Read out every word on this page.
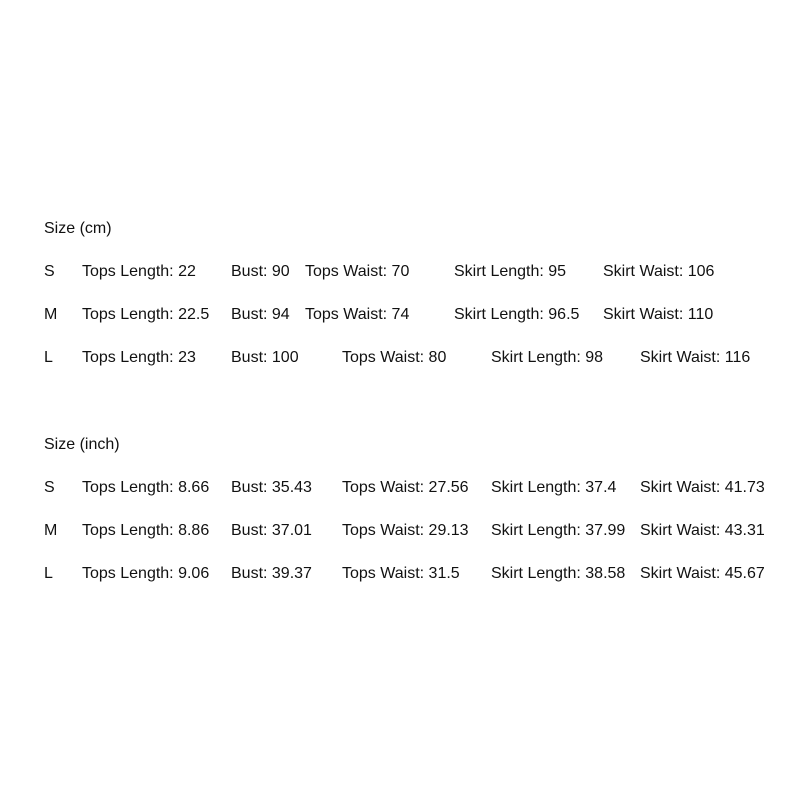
Size (cm)
S Tops Length: 22 Bust: 90 Tops Waist: 70	Skirt Length: 95 Skirt Waist: 106
M Tops Length: 22.5 Bust: 94 Tops Waist: 74	Skirt Length: 96.5 Skirt Waist: 110
L Tops Length: 23 Bust: 100	Tops Waist: 80	Skirt Length: 98 Skirt Waist: 116
Size (inch)
S Tops Length: 8.66 Bust: 35.43 Tops Waist: 27.56 Skirt Length: 37.4 Skirt Waist: 41.73
M Tops Length: 8.86 Bust: 37.01 Tops Waist: 29.13 Skirt Length: 37.99 Skirt Waist: 43.31
L Tops Length: 9.06 Bust: 39.37 Tops Waist: 31.5 Skirt Length: 38.58 Skirt Waist: 45.67
